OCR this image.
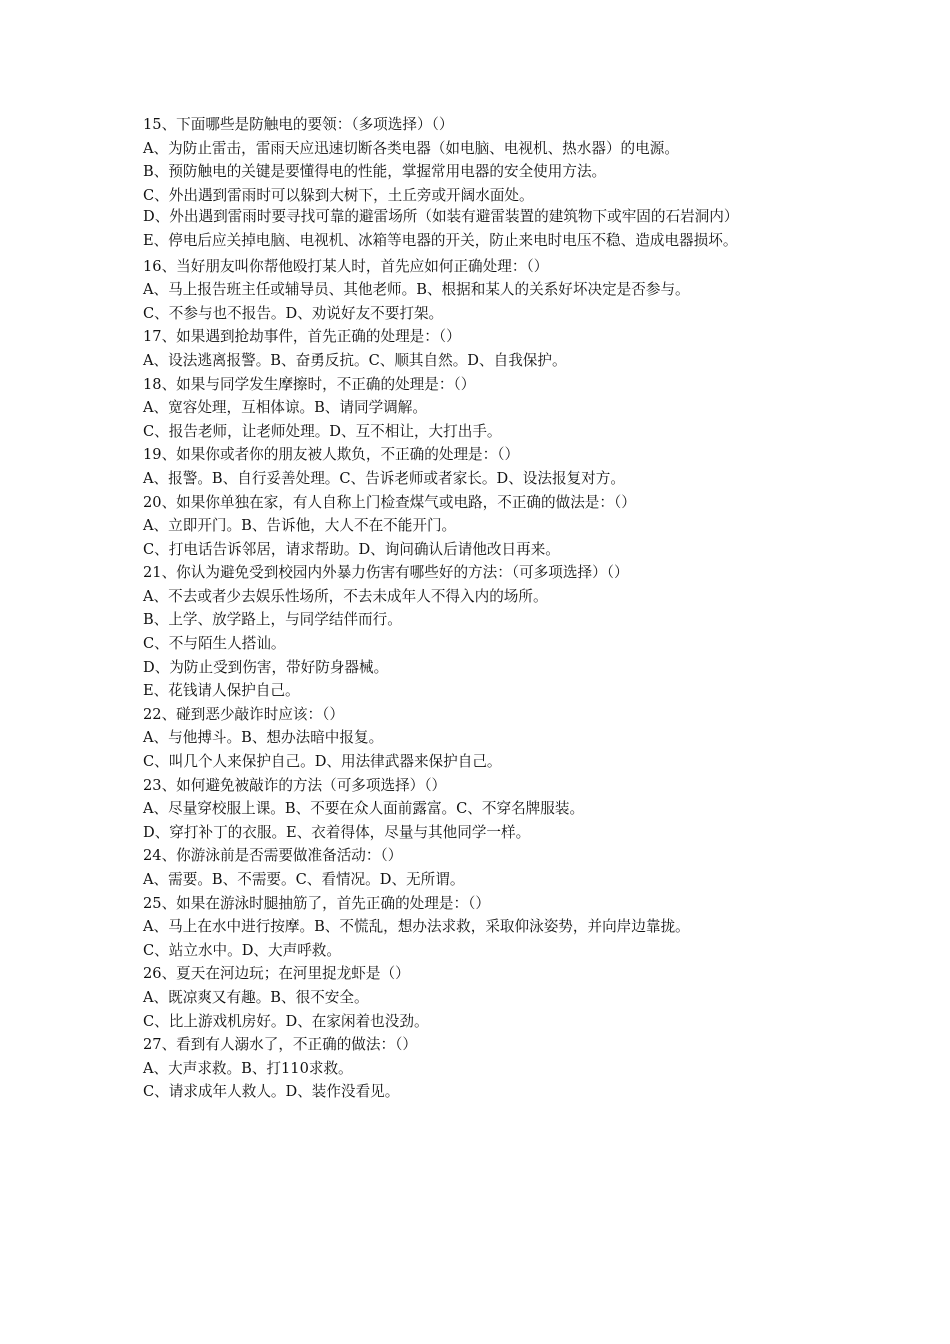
15、下面哪些是防触电的要领：（多项选择）（）

A、为防止雷击，雷雨天应迅速切断各类电器（如电脑、电视机、热水器）的电源。

B、预防触电的关键是要懂得电的性能，掌握常用电器的安全使用方法。

C、外出遇到雷雨时可以躲到大树下，土丘旁或开阔水面处。

D、外出遇到雷雨时要寻找可靠的避雷场所（如装有避雷装置的建筑物下或牢固的石岩洞内）

E、停电后应关掉电脑、电视机、冰箱等电器的开关，防止来电时电压不稳、造成电器损坏。

16、当好朋友叫你帮他殴打某人时，首先应如何正确处理：（）

A、马上报告班主任或辅导员、其他老师。B、根据和某人的关系好坏决定是否参与。

C、不参与也不报告。D、劝说好友不要打架。

17、如果遇到抢劫事件，首先正确的处理是：（）

A、设法逃离报警。B、奋勇反抗。C、顺其自然。D、自我保护。

18、如果与同学发生摩擦时，不正确的处理是：（）

A、宽容处理，互相体谅。B、请同学调解。

C、报告老师，让老师处理。D、互不相让，大打出手。

19、如果你或者你的朋友被人欺负，不正确的处理是：（）

A、报警。B、自行妥善处理。C、告诉老师或者家长。D、设法报复对方。

20、如果你单独在家，有人自称上门检查煤气或电路，不正确的做法是：（）

A、立即开门。B、告诉他，大人不在不能开门。

C、打电话告诉邻居，请求帮助。D、询问确认后请他改日再来。

21、你认为避免受到校园内外暴力伤害有哪些好的方法：（可多项选择）（）

A、不去或者少去娱乐性场所，不去未成年人不得入内的场所。

B、上学、放学路上，与同学结伴而行。

C、不与陌生人搭讪。

D、为防止受到伤害，带好防身器械。

E、花钱请人保护自己。

22、碰到恶少敲诈时应该：（）

A、与他搏斗。B、想办法暗中报复。

C、叫几个人来保护自己。D、用法律武器来保护自己。

23、如何避免被敲诈的方法（可多项选择）（）

A、尽量穿校服上课。B、不要在众人面前露富。C、不穿名牌服装。

D、穿打补丁的衣服。E、衣着得体，尽量与其他同学一样。

24、你游泳前是否需要做准备活动：（）

A、需要。B、不需要。C、看情况。D、无所谓。

25、如果在游泳时腿抽筋了，首先正确的处理是：（）

A、马上在水中进行按摩。B、不慌乱，想办法求救，采取仰泳姿势，并向岸边靠拢。

C、站立水中。D、大声呼救。

26、夏天在河边玩；在河里捉龙虾是（）

A、既凉爽又有趣。B、很不安全。

C、比上游戏机房好。D、在家闲着也没劲。

27、看到有人溺水了，不正确的做法：（）

A、大声求救。B、打110求救。

C、请求成年人救人。D、装作没看见。
